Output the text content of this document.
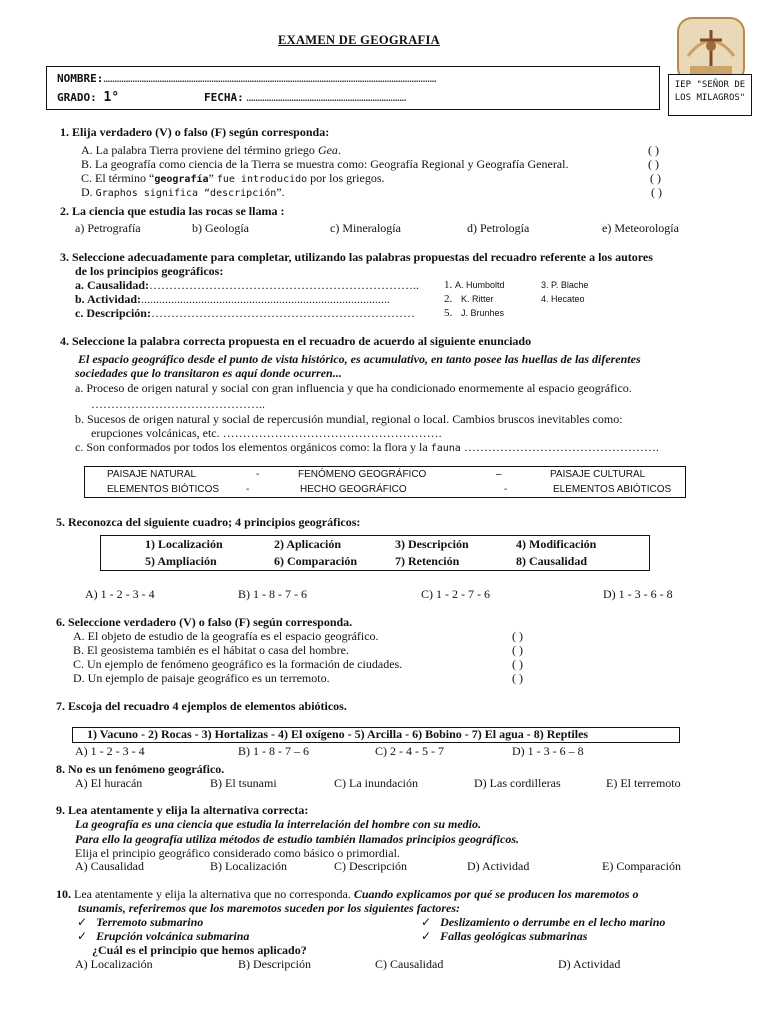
EXAMEN DE GEOGRAFIA
IEP "SEÑOR DE
LOS MILAGROS"
NOMBRE:....................................................................................................................................................
GRADO: 1°	FECHA: .......................................................................
1. Elija verdadero (V) o falso (F) según corresponda:
A. La palabra Tierra proviene del término griego Gea.	( )
B. La geografía como ciencia de la Tierra se muestra como: Geografía Regional y Geografía General.	( )
C. El término “geografía” fue introducido por los griegos.	( )
D. Graphos significa “descripción”.	( )
2. La ciencia que estudia las rocas se llama :
a) Petrografía	b) Geología	c) Mineralogía	d) Petrología	e) Meteorología
3. Seleccione adecuadamente para completar, utilizando las palabras propuestas del recuadro referente a los autores
de los principios geográficos:
a. Causalidad:………………………………………………………….. 1. A. Humboltd	3. P. Blache
b. Actividad:...................................................................................	2. K. Ritter	4. Hecateo
c. Descripción:…………………………………………………………	5. J. Brunhes
4. Seleccione la palabra correcta propuesta en el recuadro de acuerdo al siguiente enunciado
El espacio geográfico desde el punto de vista histórico, es acumulativo, en tanto posee las huellas de las diferentes
sociedades que lo transitaron es aquí donde ocurren...
a. Proceso de origen natural y social con gran influencia y que ha condicionado enormemente al espacio geográfico.
……………………………………..
b. Sucesos de origen natural y social de repercusión mundial, regional o local. Cambios bruscos inevitables como:
erupciones volcánicas, etc. ……………………………………………….
c. Son conformados por todos los elementos orgánicos como: la flora y la fauna ………………………………………….
PAISAJE NATURAL	-	FENÓMENO GEOGRÁFICO	–	PAISAJE CULTURAL
ELEMENTOS BIÓTICOS	-	HECHO GEOGRÁFICO	-	ELEMENTOS ABIÓTICOS
5. Reconozca del siguiente cuadro; 4 principios geográficos:
1) Localización	2) Aplicación	3) Descripción	4) Modificación
5) Ampliación	6) Comparación	7) Retención	8) Causalidad
A) 1 - 2 - 3 - 4	B) 1 - 8 - 7 - 6	C) 1 - 2 - 7 - 6	D) 1 - 3 - 6 - 8
6. Seleccione verdadero (V) o falso (F) según corresponda.
A. El objeto de estudio de la geografía es el espacio geográfico.	( )
B. El geosistema también es el hábitat o casa del hombre.	( )
C. Un ejemplo de fenómeno geográfico es la formación de ciudades.	( )
D. Un ejemplo de paisaje geográfico es un terremoto.	( )
7. Escoja del recuadro 4 ejemplos de elementos abióticos.
1) Vacuno - 2) Rocas - 3) Hortalizas - 4) El oxígeno - 5) Arcilla - 6) Bobino - 7) El agua - 8) Reptiles
A) 1 - 2 - 3 - 4	B) 1 - 8 - 7 – 6	C) 2 - 4 - 5 - 7	D) 1 - 3 - 6 – 8
8. No es un fenómeno geográfico.
A) El huracán	B) El tsunami	C) La inundación	D) Las cordilleras	E) El terremoto
9. Lea atentamente y elija la alternativa correcta:
La geografía es una ciencia que estudia la interrelación del hombre con su medio.
Para ello la geografía utiliza métodos de estudio también llamados principios geográficos.
Elija el principio geográfico considerado como básico o primordial.
A) Causalidad	B) Localización	C) Descripción	D) Actividad	E) Comparación
10. Lea atentamente y elija la alternativa que no corresponda. Cuando explicamos por qué se producen los maremotos o
tsunamis, referiremos que los maremotos suceden por los siguientes factores:
✓ Terremoto submarino	✓ Deslizamiento o derrumbe en el lecho marino
✓ Erupción volcánica submarina	✓ Fallas geológicas submarinas
¿Cuál es el principio que hemos aplicado?
A) Localización	B) Descripción	C) Causalidad	D) Actividad
